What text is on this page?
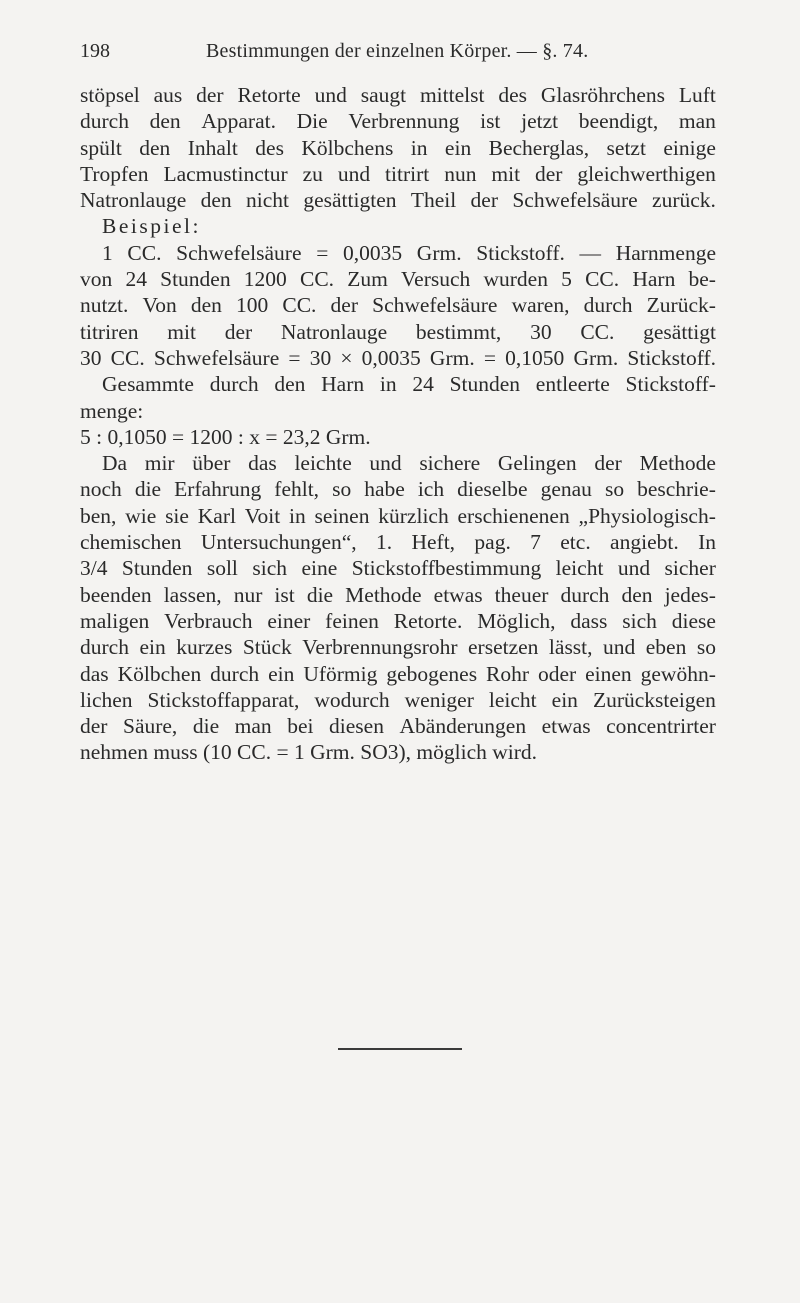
198	Bestimmungen der einzelnen Körper. — §. 74.
stöpsel aus der Retorte und saugt mittelst des Glasröhrchens Luft
durch den Apparat. Die Verbrennung ist jetzt beendigt, man
spült den Inhalt des Kölbchens in ein Becherglas, setzt einige
Tropfen Lacmustinctur zu und titrirt nun mit der gleichwerthigen
Natronlauge den nicht gesättigten Theil der Schwefelsäure zurück.
Beispiel:
1 CC. Schwefelsäure = 0,0035 Grm. Stickstoff. — Harnmenge
von 24 Stunden 1200 CC. Zum Versuch wurden 5 CC. Harn be-
nutzt. Von den 100 CC. der Schwefelsäure waren, durch Zurück-
titriren mit der Natronlauge bestimmt, 30 CC. gesättigt
30 CC. Schwefelsäure = 30 × 0,0035 Grm. = 0,1050 Grm. Stickstoff.
Gesammte durch den Harn in 24 Stunden entleerte Stickstoff-
menge:
5 : 0,1050 = 1200 : x = 23,2 Grm.
Da mir über das leichte und sichere Gelingen der Methode
noch die Erfahrung fehlt, so habe ich dieselbe genau so beschrie-
ben, wie sie Karl Voit in seinen kürzlich erschienenen „Physiologisch-
chemischen Untersuchungen“, 1. Heft, pag. 7 etc. angiebt. In
3/4 Stunden soll sich eine Stickstoffbestimmung leicht und sicher
beenden lassen, nur ist die Methode etwas theuer durch den jedes-
maligen Verbrauch einer feinen Retorte. Möglich, dass sich diese
durch ein kurzes Stück Verbrennungsrohr ersetzen lässt, und eben so
das Kölbchen durch ein Uförmig gebogenes Rohr oder einen gewöhn-
lichen Stickstoffapparat, wodurch weniger leicht ein Zurücksteigen
der Säure, die man bei diesen Abänderungen etwas concentrirter
nehmen muss (10 CC. = 1 Grm. SO3), möglich wird.
